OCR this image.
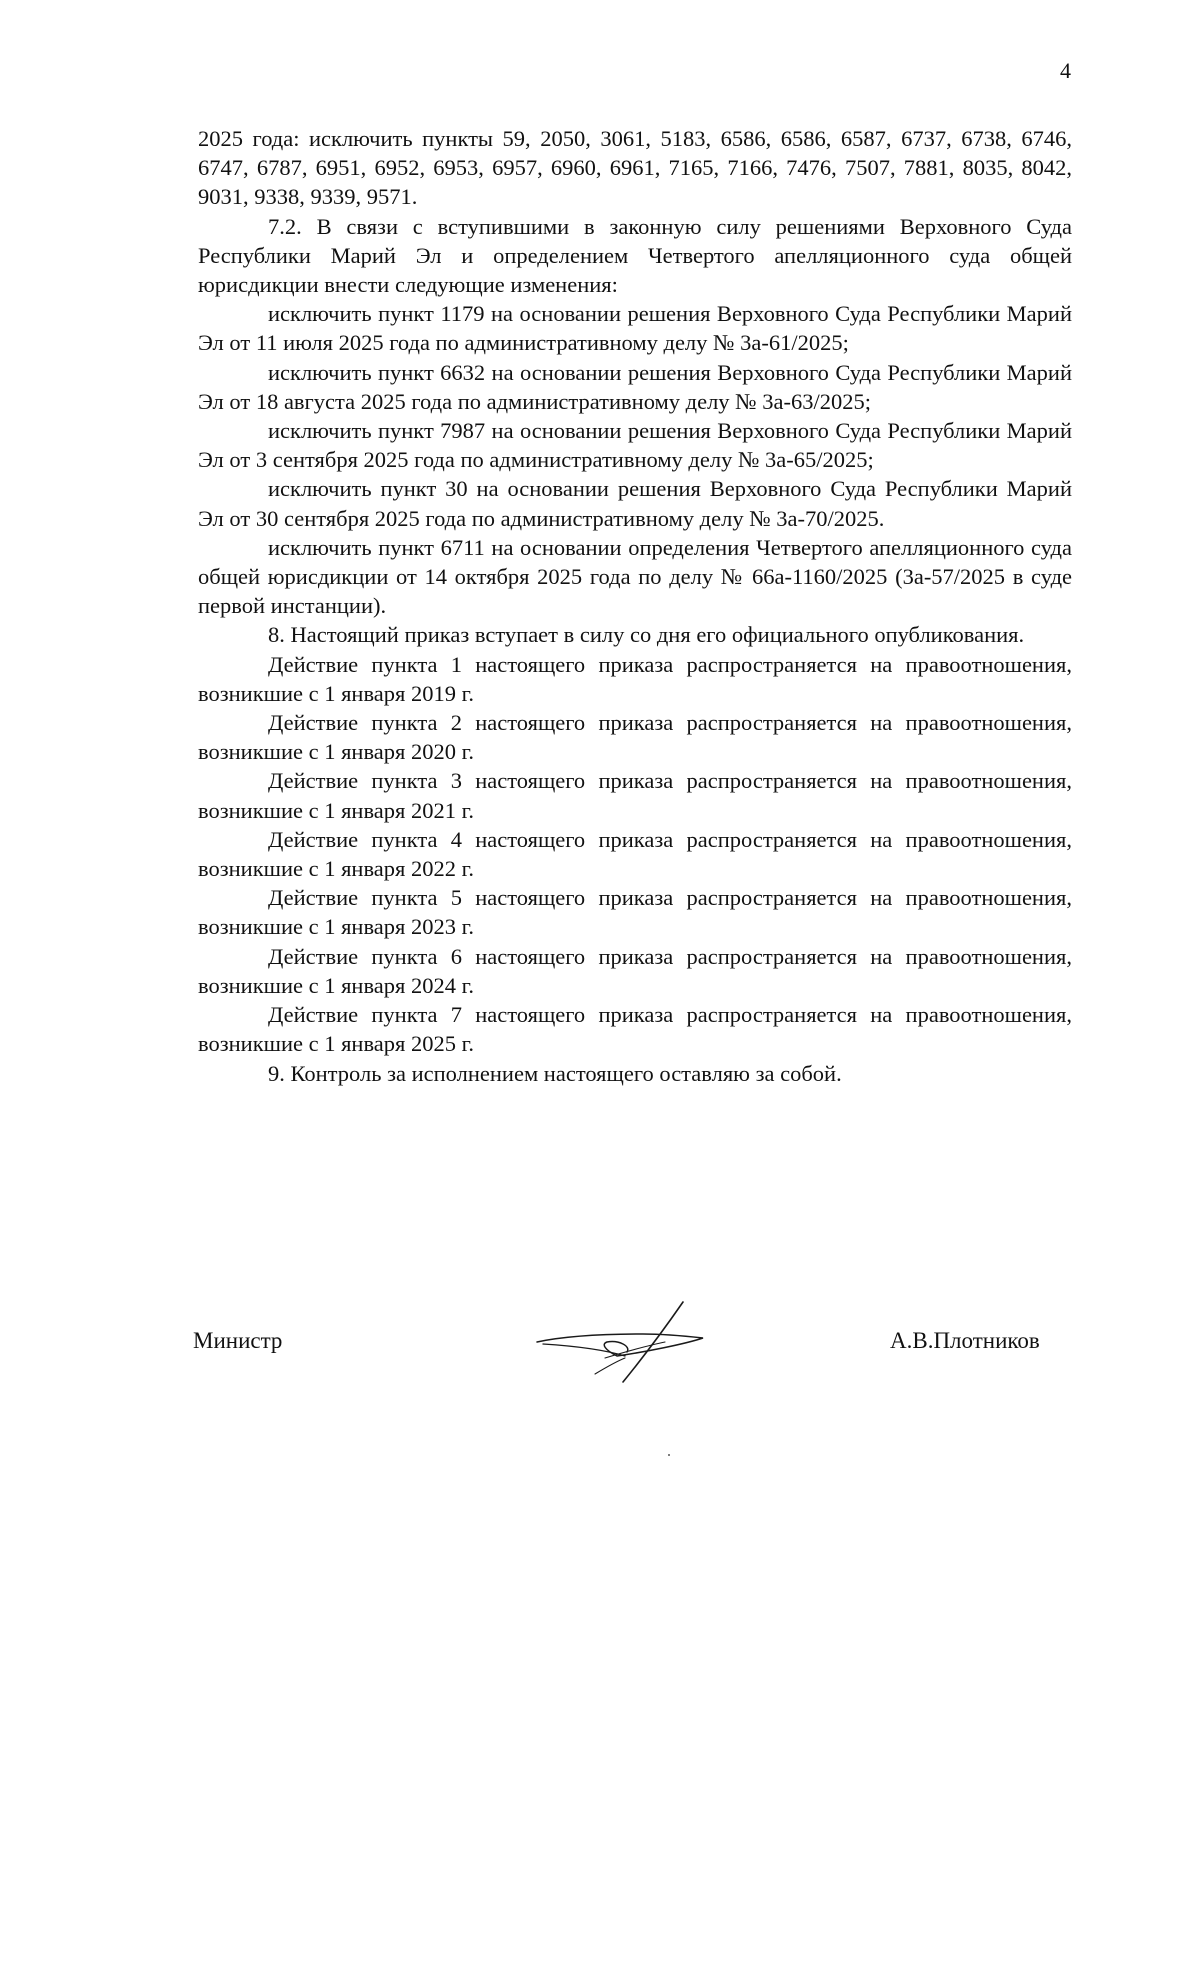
4

2025 года: исключить пункты 59, 2050, 3061, 5183, 6586, 6586, 6587, 6737, 6738, 6746, 6747, 6787, 6951, 6952, 6953, 6957, 6960, 6961, 7165, 7166, 7476, 7507, 7881, 8035, 8042, 9031, 9338, 9339, 9571.

7.2. В связи с вступившими в законную силу решениями Верховного Суда Республики Марий Эл и определением Четвертого апелляционного суда общей юрисдикции внести следующие изменения:

исключить пункт 1179 на основании решения Верховного Суда Республики Марий Эл от 11 июля 2025 года по административному делу № 3а-61/2025;

исключить пункт 6632 на основании решения Верховного Суда Республики Марий Эл от 18 августа 2025 года по административному делу № 3а-63/2025;

исключить пункт 7987 на основании решения Верховного Суда Республики Марий Эл от 3 сентября 2025 года по административному делу № 3а-65/2025;

исключить пункт 30 на основании решения Верховного Суда Республики Марий Эл от 30 сентября 2025 года по административному делу № 3а-70/2025.

исключить пункт 6711 на основании определения Четвертого апелляционного суда общей юрисдикции от 14 октября 2025 года по делу № 66а-1160/2025 (3а-57/2025 в суде первой инстанции).

8. Настоящий приказ вступает в силу со дня его официального опубликования.

Действие пункта 1 настоящего приказа распространяется на правоотношения, возникшие с 1 января 2019 г.

Действие пункта 2 настоящего приказа распространяется на правоотношения, возникшие с 1 января 2020 г.

Действие пункта 3 настоящего приказа распространяется на правоотношения, возникшие с 1 января 2021 г.

Действие пункта 4 настоящего приказа распространяется на правоотношения, возникшие с 1 января 2022 г.

Действие пункта 5 настоящего приказа распространяется на правоотношения, возникшие с 1 января 2023 г.

Действие пункта 6 настоящего приказа распространяется на правоотношения, возникшие с 1 января 2024 г.

Действие пункта 7 настоящего приказа распространяется на правоотношения, возникшие с 1 января 2025 г.

9. Контроль за исполнением настоящего оставляю за собой.

Министр	А.В.Плотников
